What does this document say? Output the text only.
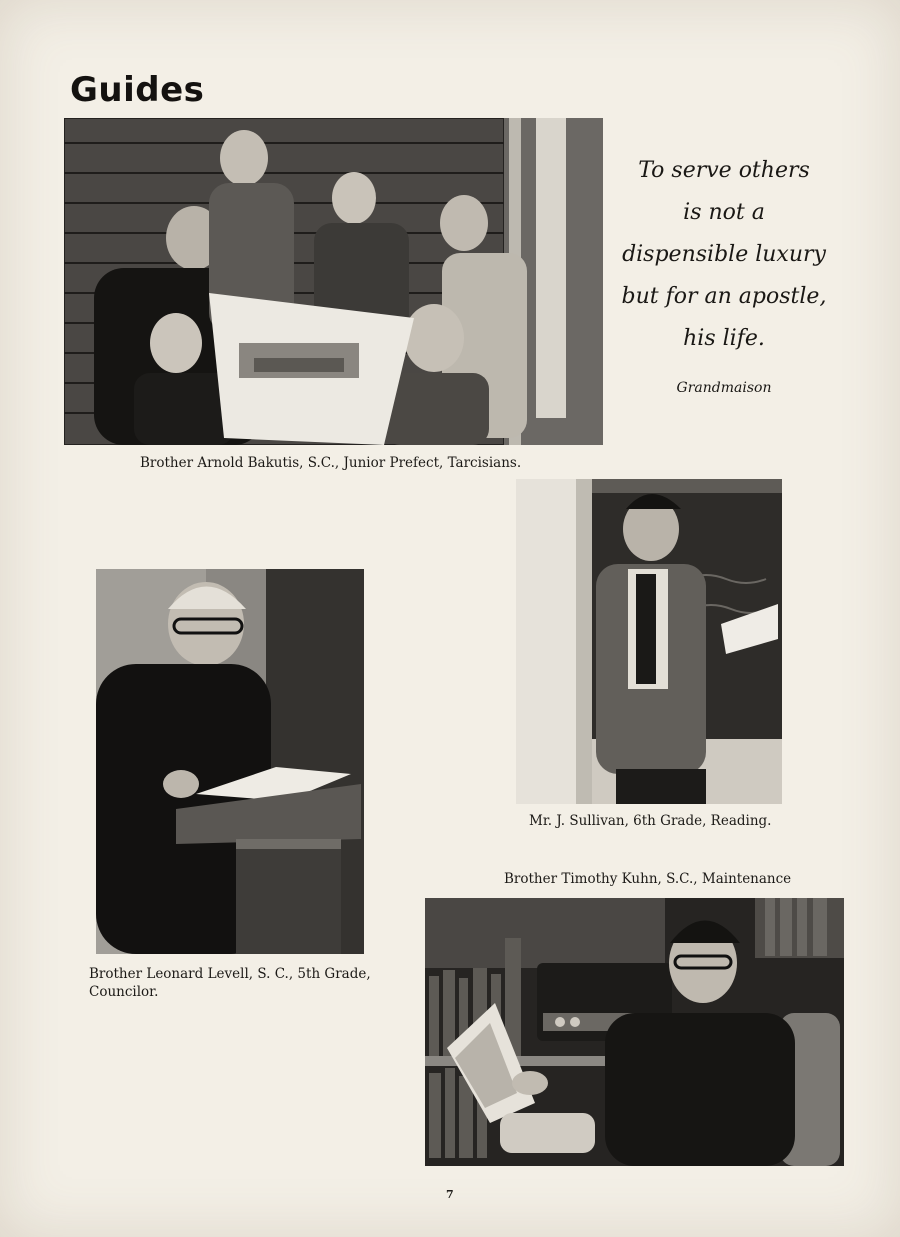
Guides

Brother Arnold Bakutis, S.C., Junior Prefect, Tarcisians.

To serve others
is not a
dispensible luxury
but for an apostle,
his life.
Grandmaison

Mr. J. Sullivan, 6th Grade, Reading.

Brother Leonard Levell, S. C., 5th Grade,
Councilor.

Brother Timothy Kuhn, S.C., Maintenance

7
